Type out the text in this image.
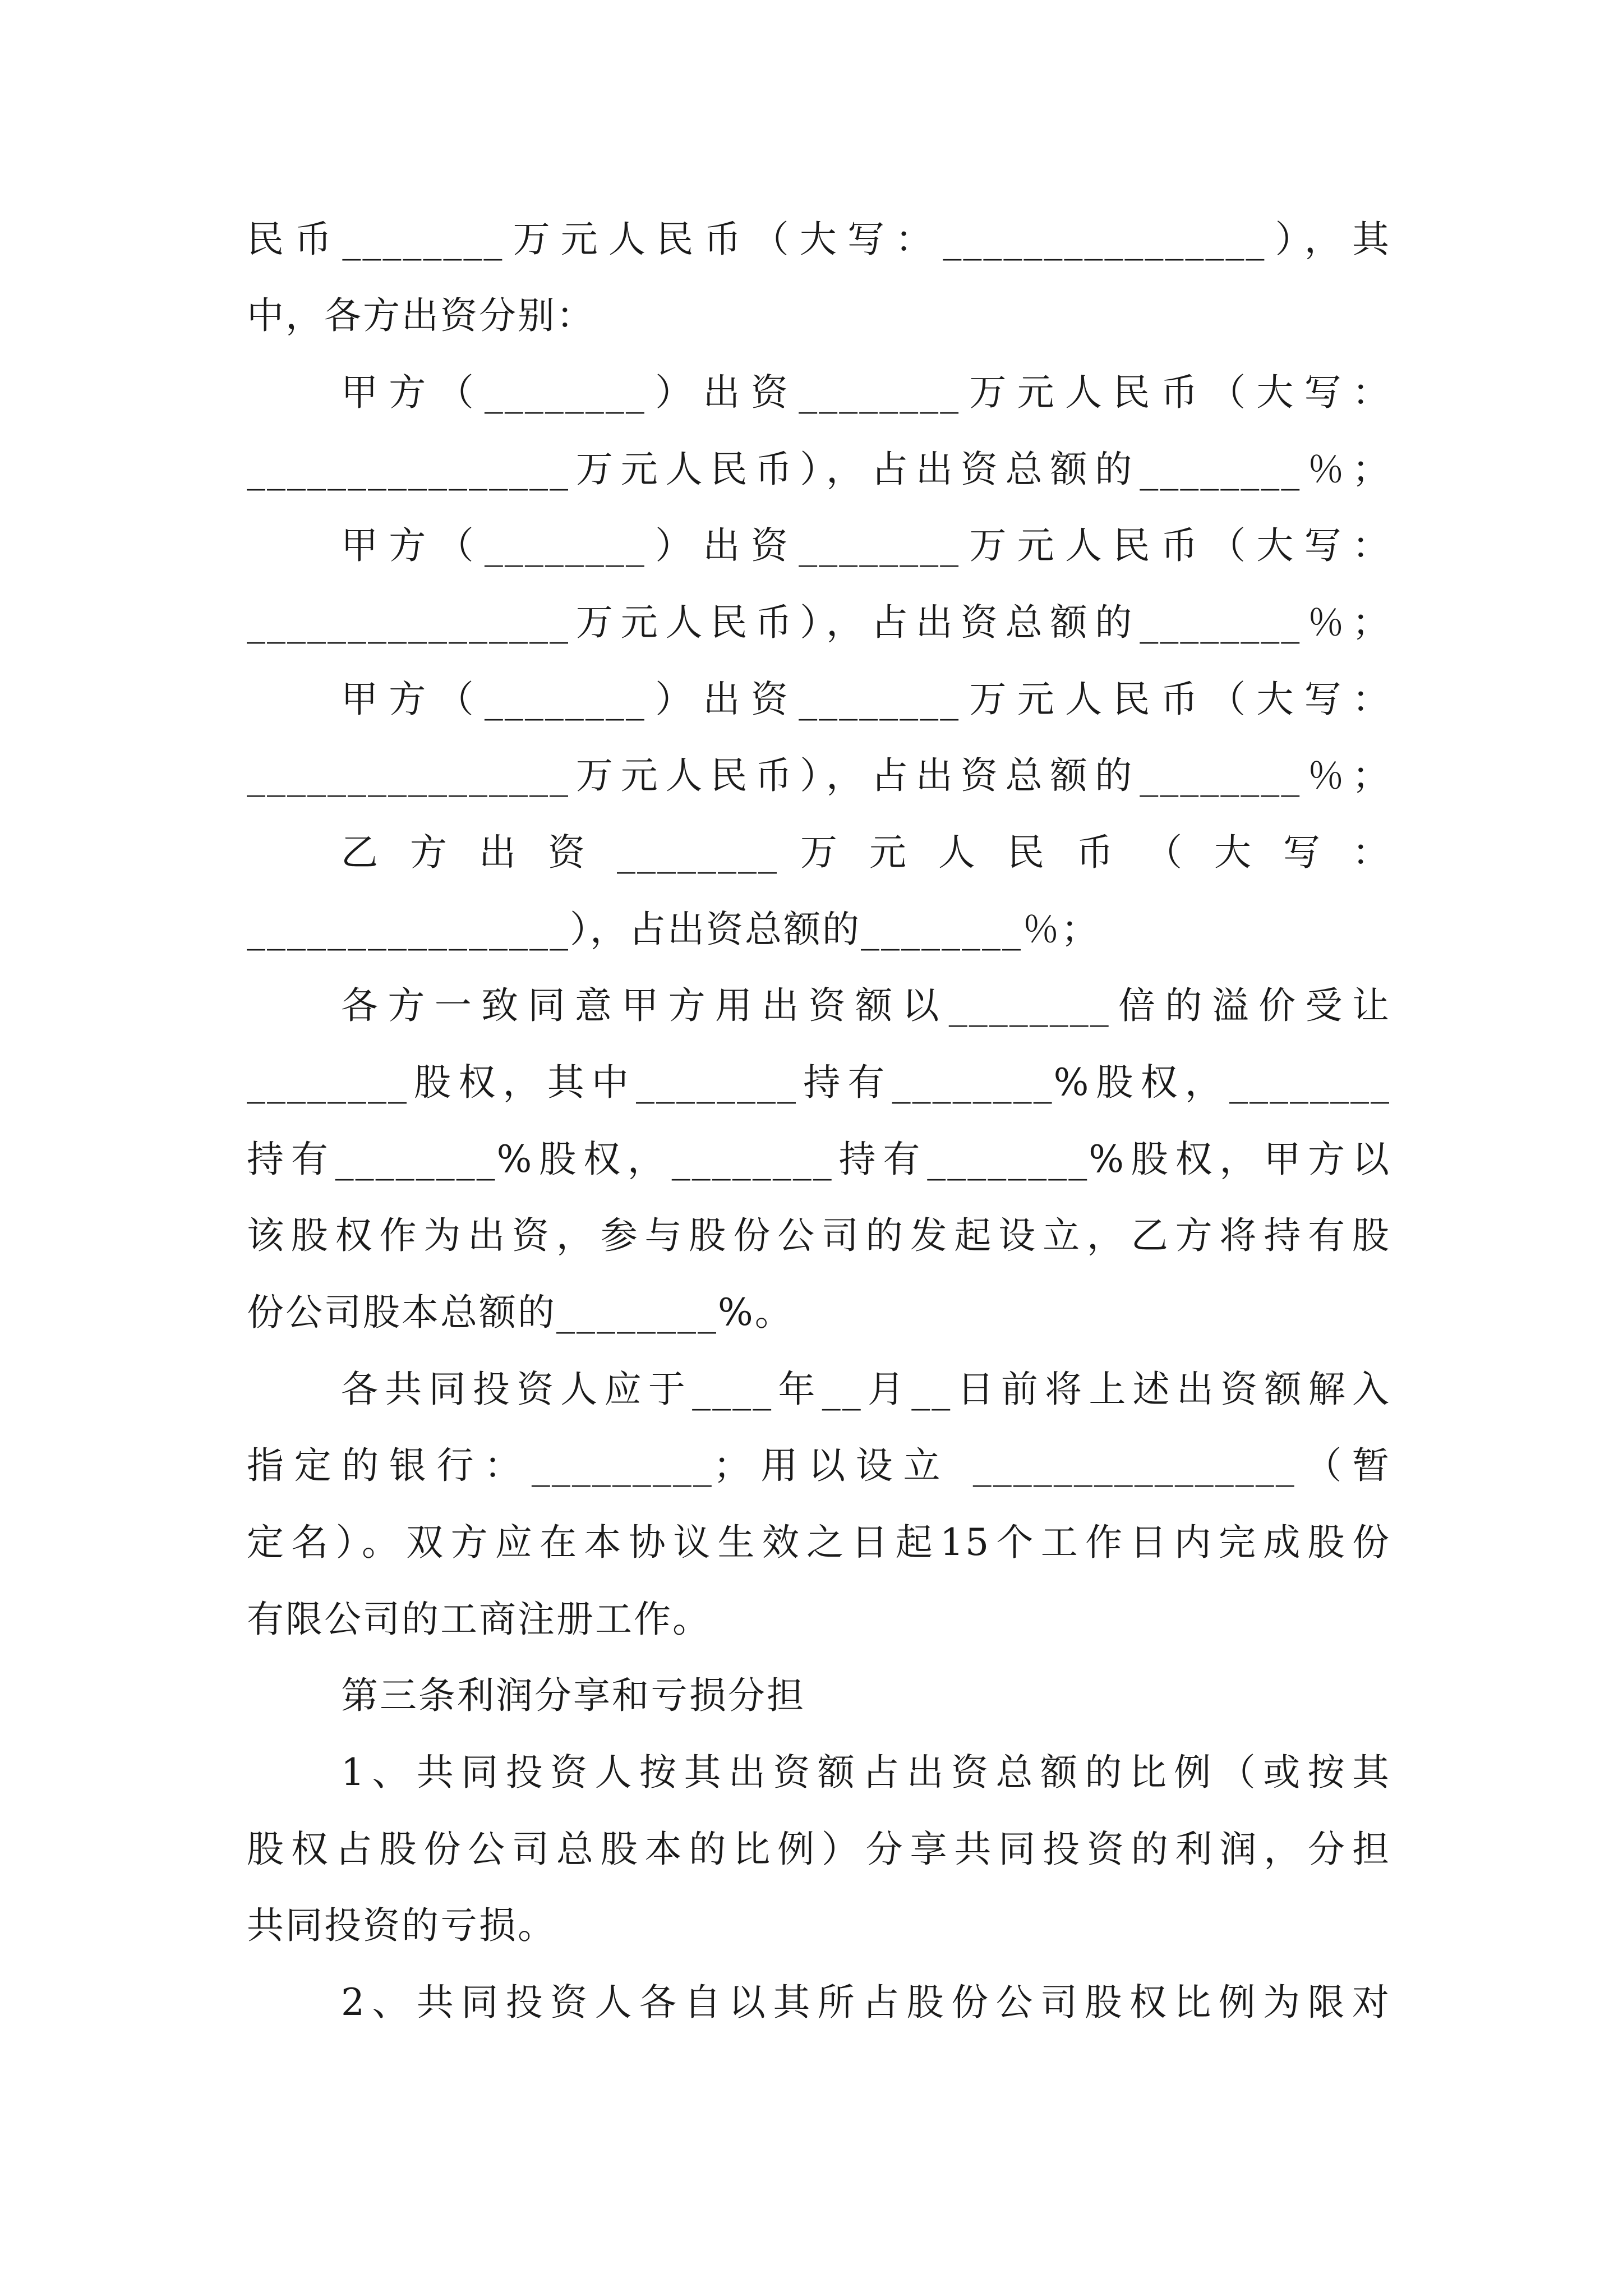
民币________万元人民币（大写：________________），其
中，各方出资分别：
甲方（________）出资________万元人民币（大写：
________________万元人民币），占出资总额的________％；
甲方（________）出资________万元人民币（大写：
________________万元人民币），占出资总额的________％；
甲方（________）出资________万元人民币（大写：
________________万元人民币），占出资总额的________％；
乙 方 出 资 ________ 万 元 人 民 币 （ 大 写 ：
________________），占出资总额的________％；
各方一致同意甲方用出资额以________倍的溢价受让
________股权，其中________持有________%股权，________
持有________%股权，________持有________%股权，甲方以
该股权作为出资，参与股份公司的发起设立，乙方将持有股
份公司股本总额的________%。
各共同投资人应于____年__月__日前将上述出资额解入
指定的银行：_________；用以设立 ________________（暂
定名）。双方应在本协议生效之日起15个工作日内完成股份
有限公司的工商注册工作。
第三条利润分享和亏损分担
1、共同投资人按其出资额占出资总额的比例（或按其
股权占股份公司总股本的比例）分享共同投资的利润，分担
共同投资的亏损。
2、共同投资人各自以其所占股份公司股权比例为限对
